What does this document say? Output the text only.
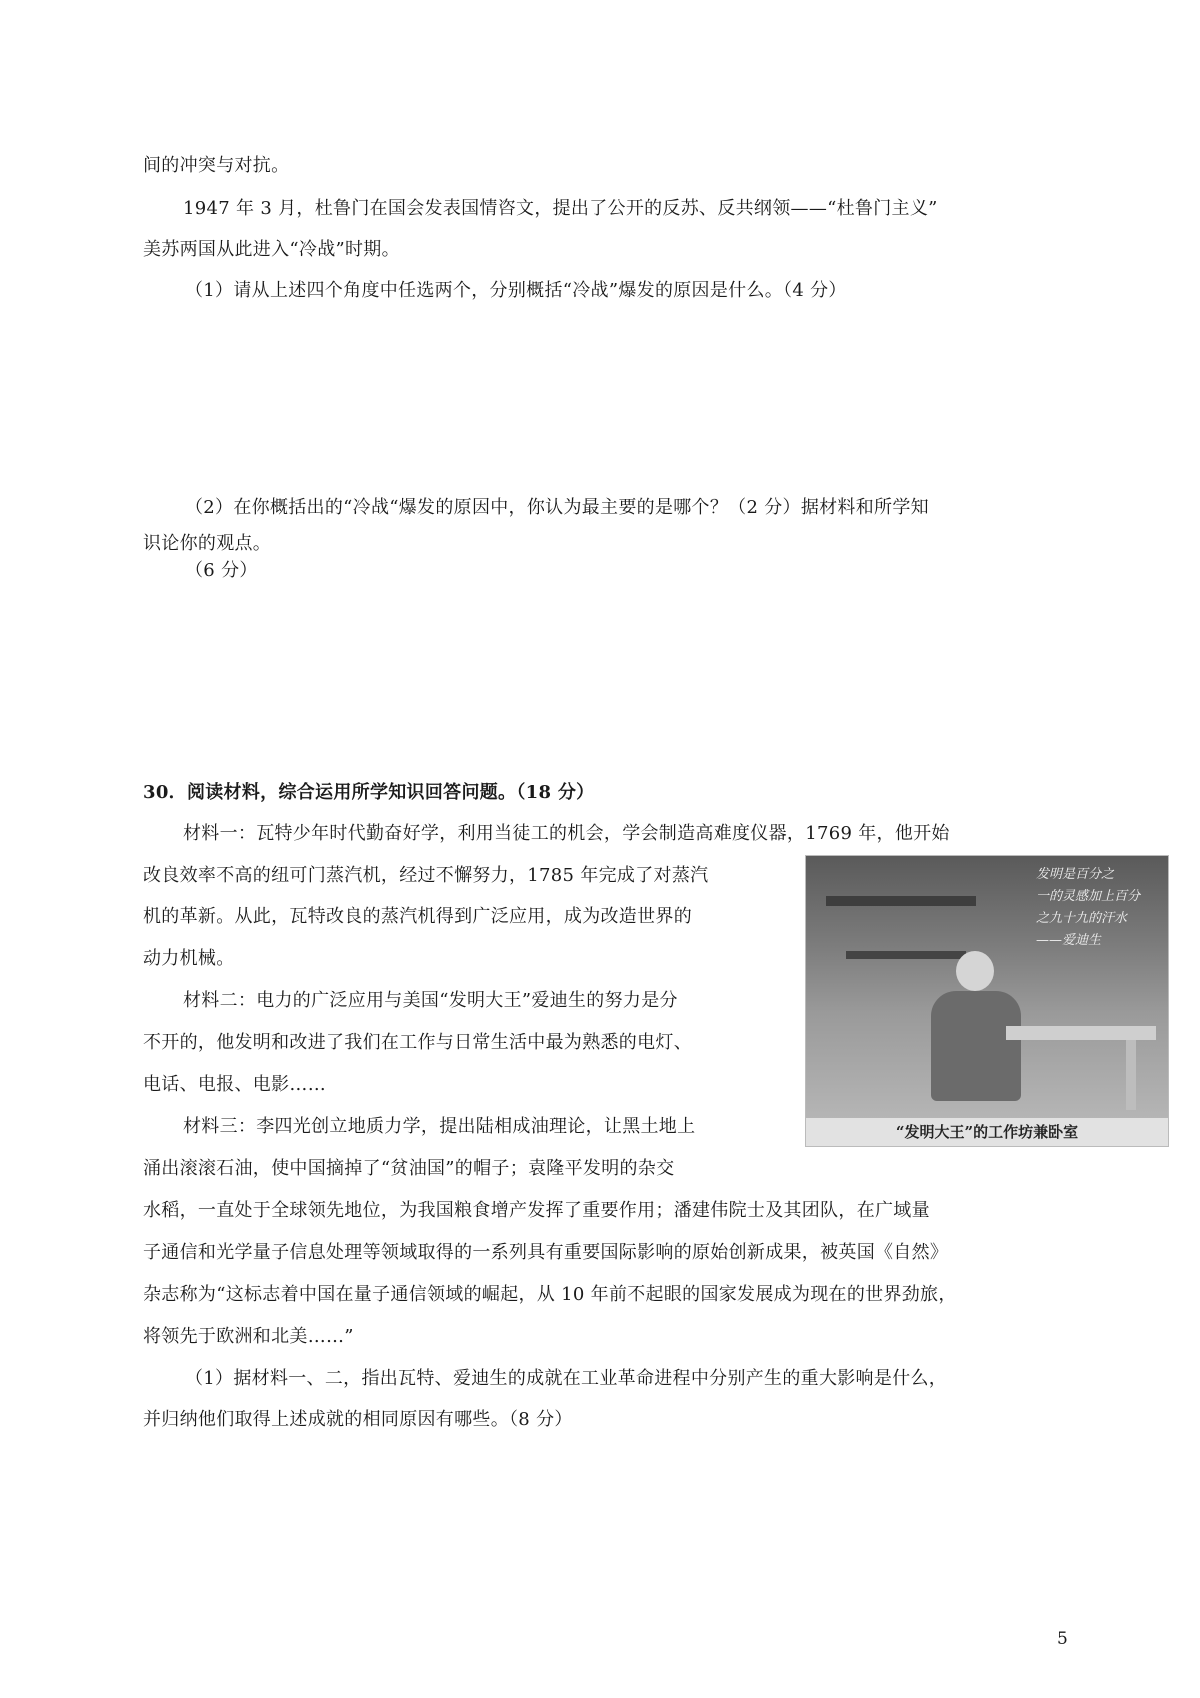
间的冲突与对抗。
1947 年 3 月，杜鲁门在国会发表国情咨文，提出了公开的反苏、反共纲领——“杜鲁门主义”
美苏两国从此进入“冷战”时期。
（1）请从上述四个角度中任选两个，分别概括“冷战”爆发的原因是什么。（4 分）
（2）在你概括出的“冷战“爆发的原因中，你认为最主要的是哪个？（2 分）据材料和所学知
识论你的观点。
（6 分）
30．阅读材料，综合运用所学知识回答问题。（18 分）
材料一：瓦特少年时代勤奋好学，利用当徒工的机会，学会制造高难度仪器，1769 年，他开始
改良效率不高的纽可门蒸汽机，经过不懈努力，1785 年完成了对蒸汽
机的革新。从此，瓦特改良的蒸汽机得到广泛应用，成为改造世界的
动力机械。
材料二：电力的广泛应用与美国“发明大王”爱迪生的努力是分
不开的，他发明和改进了我们在工作与日常生活中最为熟悉的电灯、
电话、电报、电影……
材料三：李四光创立地质力学，提出陆相成油理论，让黑土地上
涌出滚滚石油，使中国摘掉了“贫油国”的帽子；袁隆平发明的杂交
水稻，一直处于全球领先地位，为我国粮食增产发挥了重要作用；潘建伟院士及其团队，在广域量
子通信和光学量子信息处理等领域取得的一系列具有重要国际影响的原始创新成果，被英国《自然》
杂志称为“这标志着中国在量子通信领域的崛起，从 10 年前不起眼的国家发展成为现在的世界劲旅，
将领先于欧洲和北美……”
（1）据材料一、二，指出瓦特、爱迪生的成就在工业革命进程中分别产生的重大影响是什么，
并归纳他们取得上述成就的相同原因有哪些。（8 分）
发明是百分之
一的灵感加上百分
之九十九的汗水
——爱迪生
“发明大王”的工作坊兼卧室
5
